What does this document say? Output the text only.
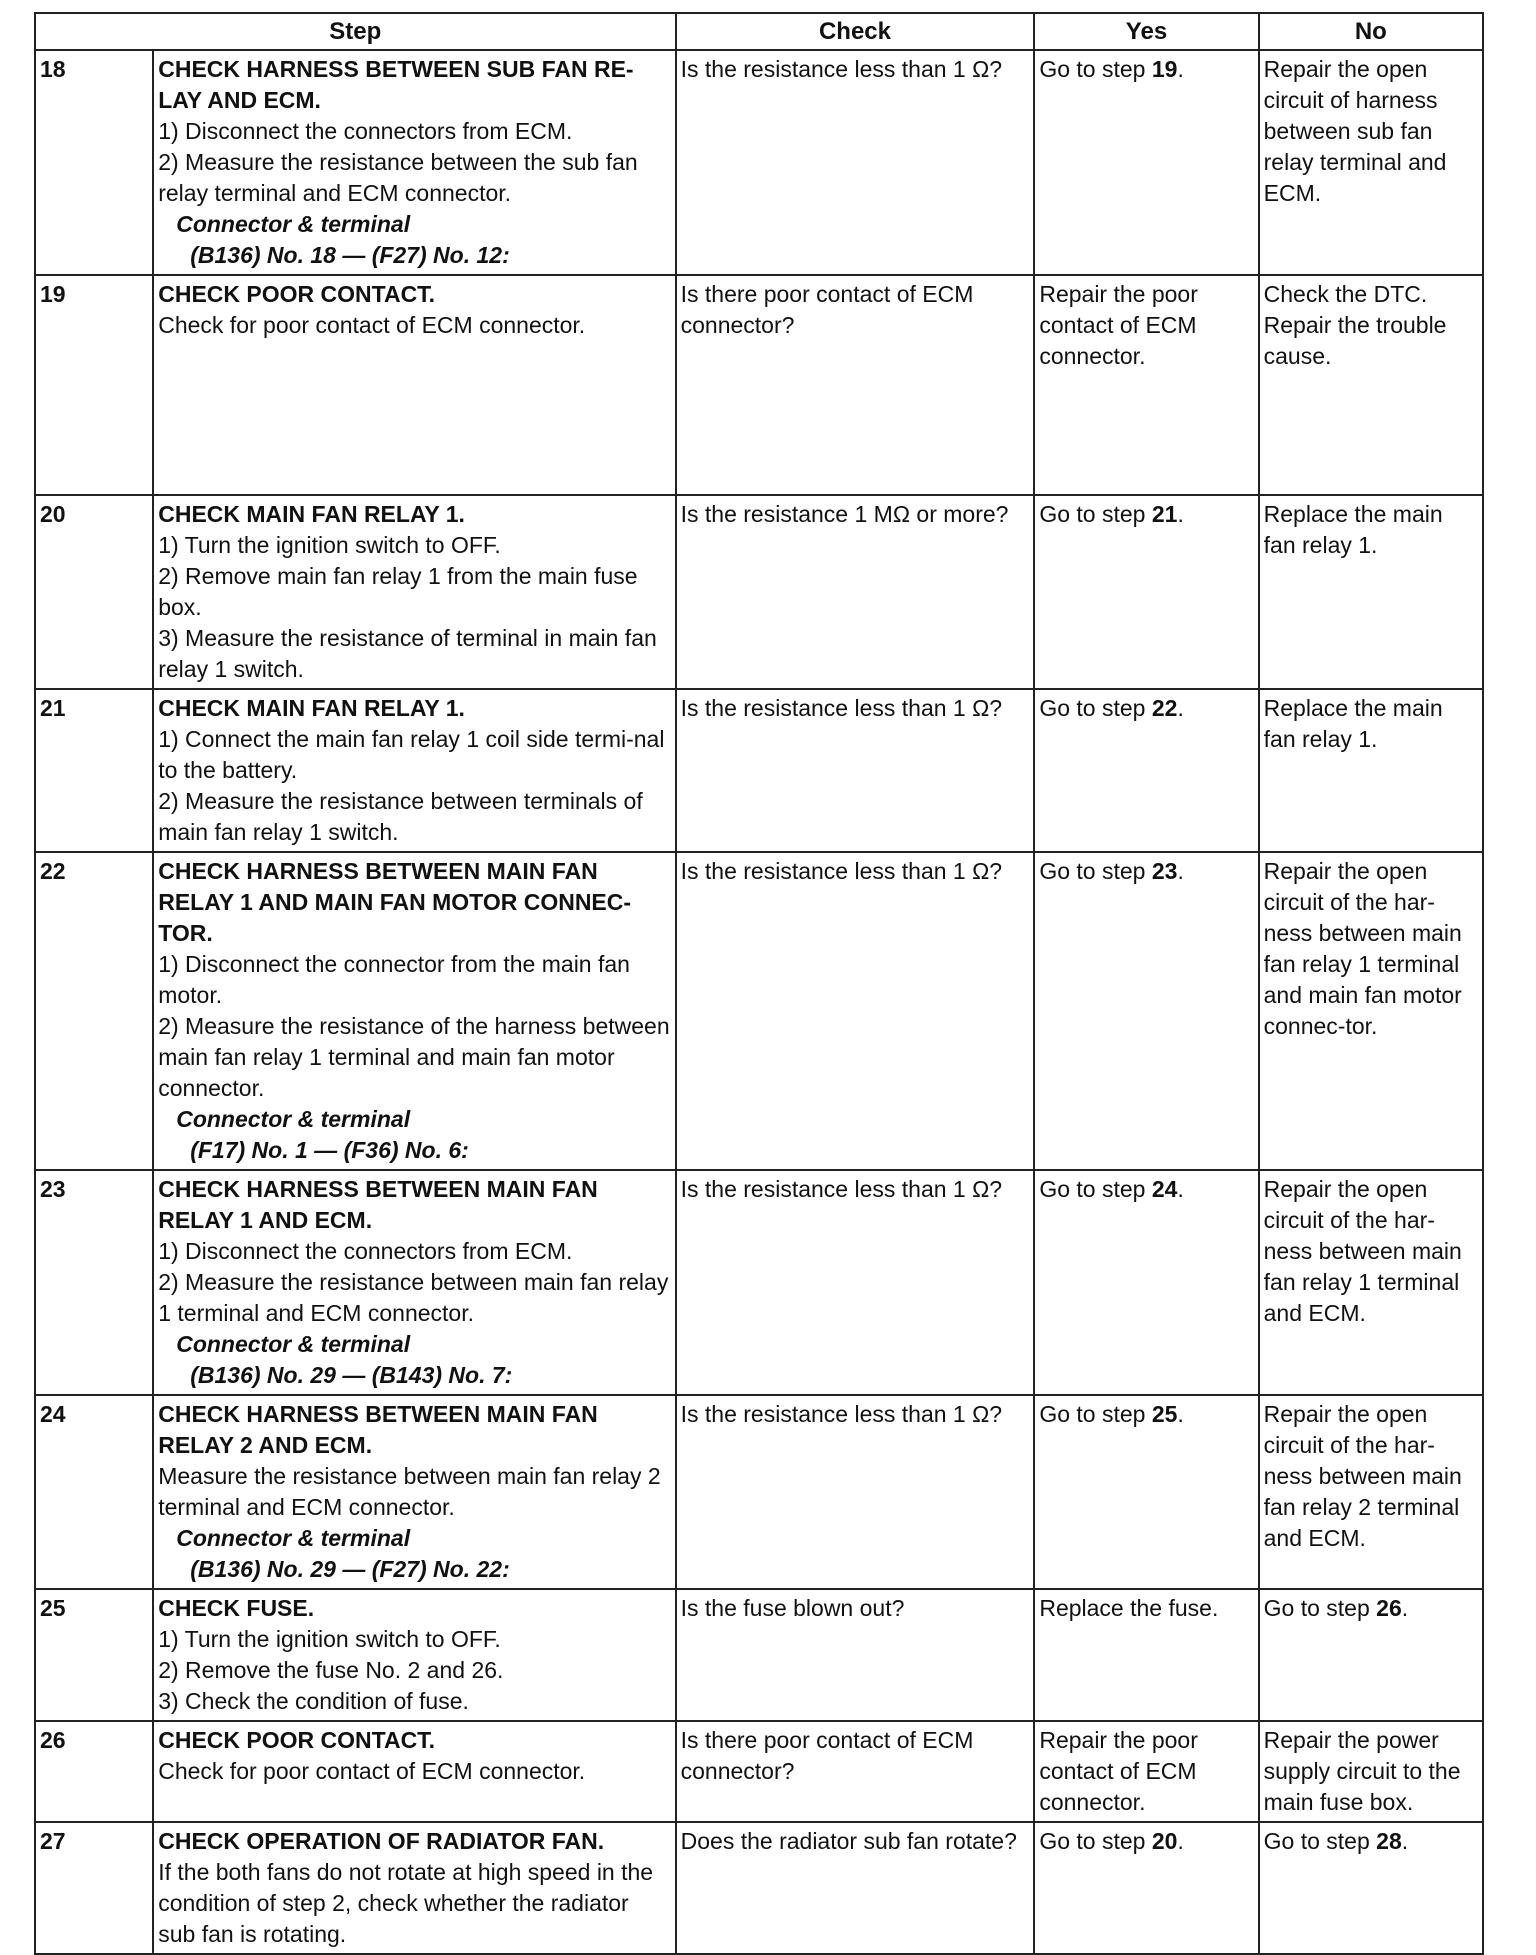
Step		Check	Yes	No
18	CHECK HARNESS BETWEEN SUB FAN RE-LAY AND ECM.
1) Disconnect the connectors from ECM.
2) Measure the resistance between the sub fan relay terminal and ECM connector.
Connector & terminal
(B136) No. 18 — (F27) No. 12:	Is the resistance less than 1 Ω?	Go to step 19.	Repair the open circuit of harness between sub fan relay terminal and ECM.
19	CHECK POOR CONTACT.
Check for poor contact of ECM connector.	Is there poor contact of ECM connector?	Repair the poor contact of ECM connector.	Check the DTC. Repair the trouble cause.
20	CHECK MAIN FAN RELAY 1.
1) Turn the ignition switch to OFF.
2) Remove main fan relay 1 from the main fuse box.
3) Measure the resistance of terminal in main fan relay 1 switch.	Is the resistance 1 MΩ or more?	Go to step 21.	Replace the main fan relay 1.
21	CHECK MAIN FAN RELAY 1.
1) Connect the main fan relay 1 coil side termi-nal to the battery.
2) Measure the resistance between terminals of main fan relay 1 switch.	Is the resistance less than 1 Ω?	Go to step 22.	Replace the main fan relay 1.
22	CHECK HARNESS BETWEEN MAIN FAN RELAY 1 AND MAIN FAN MOTOR CONNEC-TOR.
1) Disconnect the connector from the main fan motor.
2) Measure the resistance of the harness between main fan relay 1 terminal and main fan motor connector.
Connector & terminal
(F17) No. 1 — (F36) No. 6:	Is the resistance less than 1 Ω?	Go to step 23.	Repair the open circuit of the har-ness between main fan relay 1 terminal and main fan motor connec-tor.
23	CHECK HARNESS BETWEEN MAIN FAN RELAY 1 AND ECM.
1) Disconnect the connectors from ECM.
2) Measure the resistance between main fan relay 1 terminal and ECM connector.
Connector & terminal
(B136) No. 29 — (B143) No. 7:	Is the resistance less than 1 Ω?	Go to step 24.	Repair the open circuit of the har-ness between main fan relay 1 terminal and ECM.
24	CHECK HARNESS BETWEEN MAIN FAN RELAY 2 AND ECM.
Measure the resistance between main fan relay 2 terminal and ECM connector.
Connector & terminal
(B136) No. 29 — (F27) No. 22:	Is the resistance less than 1 Ω?	Go to step 25.	Repair the open circuit of the har-ness between main fan relay 2 terminal and ECM.
25	CHECK FUSE.
1) Turn the ignition switch to OFF.
2) Remove the fuse No. 2 and 26.
3) Check the condition of fuse.	Is the fuse blown out?	Replace the fuse.	Go to step 26.
26	CHECK POOR CONTACT.
Check for poor contact of ECM connector.	Is there poor contact of ECM connector?	Repair the poor contact of ECM connector.	Repair the power supply circuit to the main fuse box.
27	CHECK OPERATION OF RADIATOR FAN.
If the both fans do not rotate at high speed in the condition of step 2, check whether the radiator sub fan is rotating.	Does the radiator sub fan rotate?	Go to step 20.	Go to step 28.
